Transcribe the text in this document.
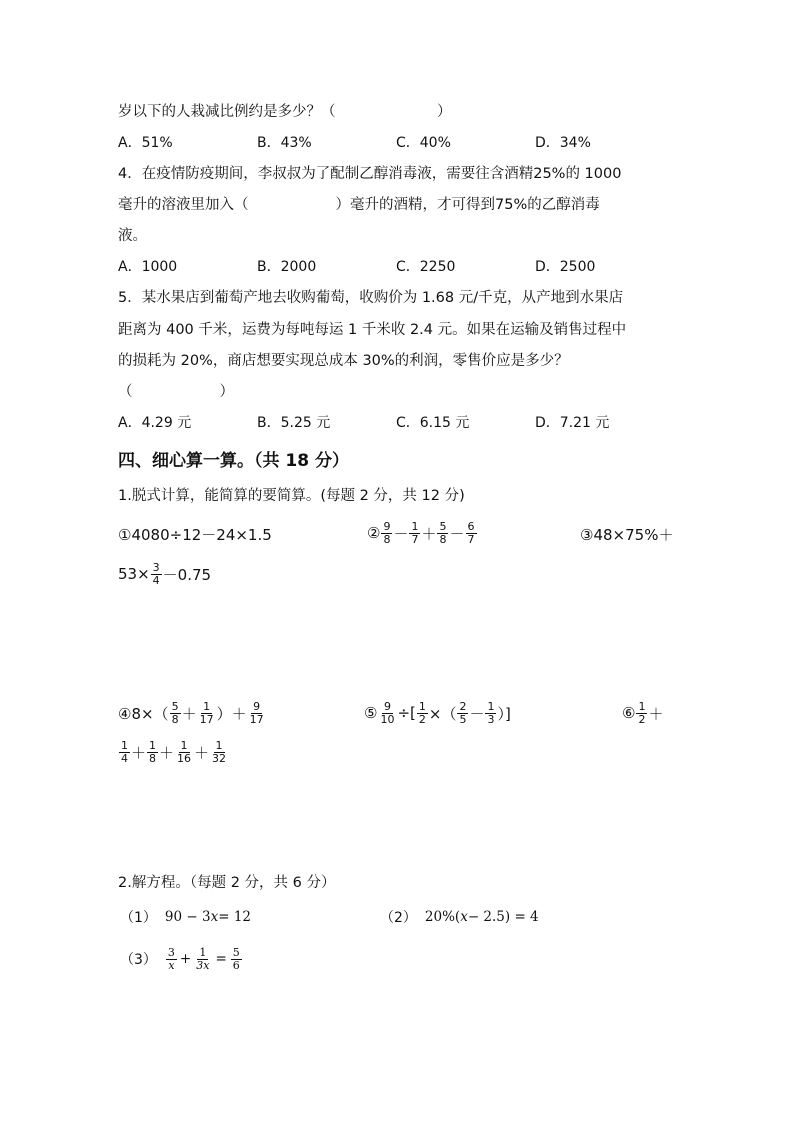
岁以下的人栽减比例约是多少？（　　　　　　　）
A．51%	B．43%	C．40%	D．34%
4．在疫情防疫期间，李叔叔为了配制乙醇消毒液，需要往含酒精25%的 1000
毫升的溶液里加入（　　　　　　）毫升的酒精，才可得到75%的乙醇消毒
液。
A．1000	B．2000	C．2250	D．2500
5．某水果店到葡萄产地去收购葡萄，收购价为 1.68 元/千克，从产地到水果店
距离为 400 千米，运费为每吨每运 1 千米收 2.4 元。如果在运输及销售过程中
的损耗为 20%，商店想要实现总成本 30%的利润，零售价应是多少？
（　　　　　　）
A．4.29 元	B．5.25 元	C．6.15 元	D．7.21 元
四、细心算一算。（共 18 分）
1.脱式计算，能简算的要简算。(每题 2 分，共 12 分)
①4080÷12－24×1.5	② $\frac{9}{8} - \frac{1}{7} + \frac{5}{8} - \frac{6}{7}$	③48×75%＋
$53\times \frac{3}{4} -0.75$
④8×（ $\frac{5}{8} + \frac{1}{17}$ ）＋ $\frac{9}{17}$	⑤ $\frac{9}{10}$ ÷[ $\frac{1}{2}$ ×（ $\frac{2}{5} - \frac{1}{3}$ ）]	⑥ $\frac{1}{2}$ ＋
$\frac{1}{4} + \frac{1}{8} + \frac{1}{16} + \frac{1}{32}$
2.解方程。（每题 2 分，共 6 分）
（1） 90 − 3 x = 12	（2） 20%( x − 2.5) = 4
$(3) \frac{3}{x} + \frac{1}{3x} = \frac{5}{6}$
